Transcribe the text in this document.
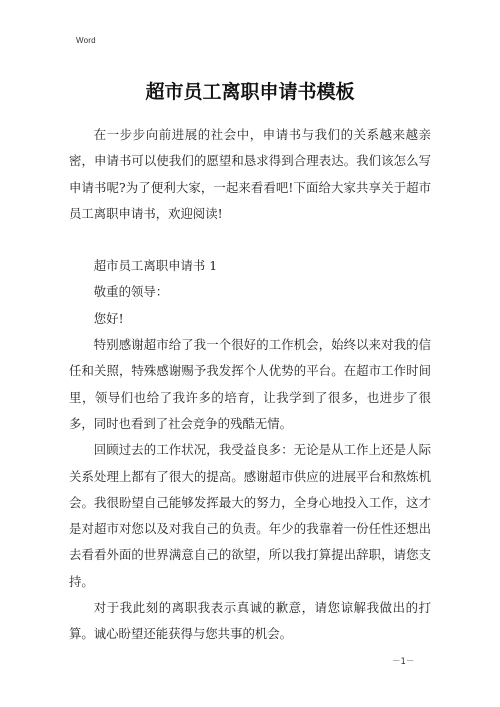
Word
超市员工离职申请书模板

在一步步向前进展的社会中，申请书与我们的关系越来越亲密，申请书可以使我们的愿望和恳求得到合理表达。我们该怎么写申请书呢?为了便利大家，一起来看看吧!下面给大家共享关于超市员工离职申请书，欢迎阅读!

超市员工离职申请书 1

敬重的领导：

您好!

特别感谢超市给了我一个很好的工作机会，始终以来对我的信任和关照，特殊感谢赐予我发挥个人优势的平台。在超市工作时间里，领导们也给了我许多的培育，让我学到了很多，也进步了很多，同时也看到了社会竞争的残酷无情。

回顾过去的工作状况，我受益良多：无论是从工作上还是人际关系处理上都有了很大的提高。感谢超市供应的进展平台和熬炼机会。我很盼望自己能够发挥最大的努力，全身心地投入工作，这才是对超市对您以及对我自己的负责。年少的我靠着一份任性还想出去看看外面的世界满意自己的欲望，所以我打算提出辞职，请您支持。

对于我此刻的离职我表示真诚的歉意，请您谅解我做出的打算。诚心盼望还能获得与您共事的机会。

－1－
